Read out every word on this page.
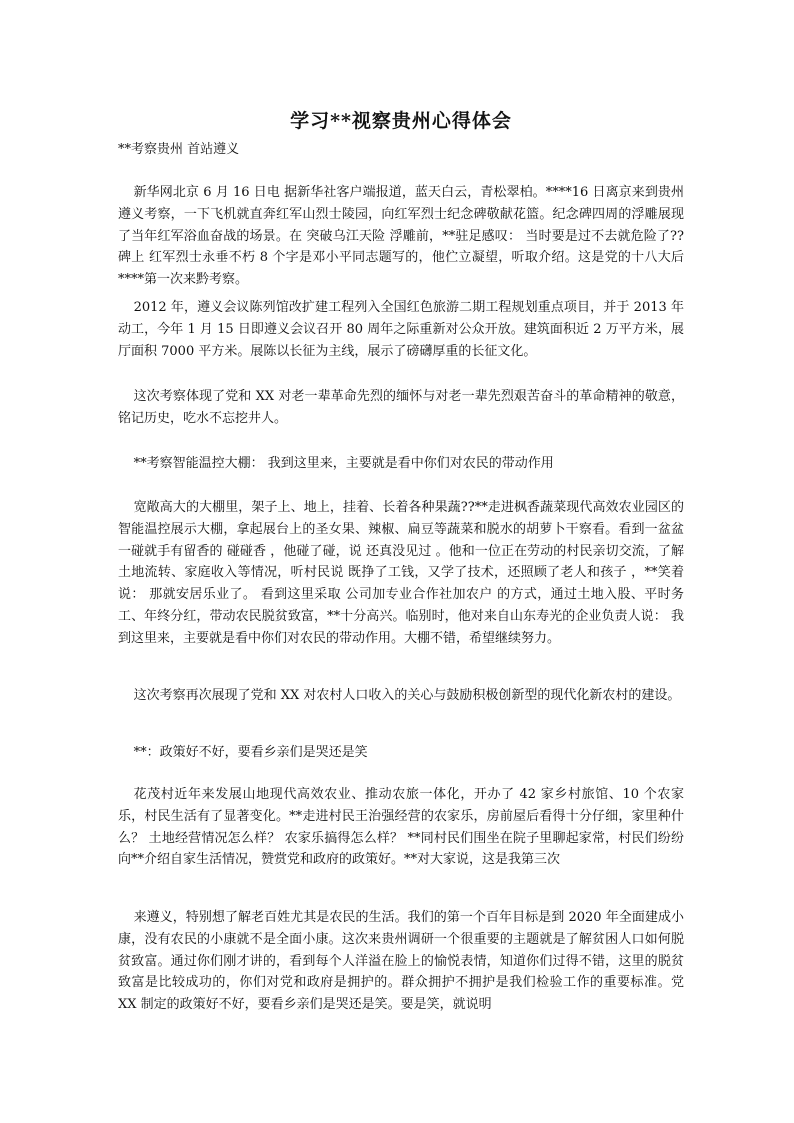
学习**视察贵州心得体会

**考察贵州 首站遵义

新华网北京 6 月 16 日电 据新华社客户端报道，蓝天白云，青松翠柏。****16 日离京来到贵州遵义考察，一下飞机就直奔红军山烈士陵园，向红军烈士纪念碑敬献花篮。纪念碑四周的浮雕展现了当年红军浴血奋战的场景。在 突破乌江天险 浮雕前，**驻足感叹： 当时要是过不去就危险了?? 碑上 红军烈士永垂不朽 8 个字是邓小平同志题写的，他伫立凝望，听取介绍。这是党的十八大后****第一次来黔考察。

2012 年，遵义会议陈列馆改扩建工程列入全国红色旅游二期工程规划重点项目，并于 2013 年动工，今年 1 月 15 日即遵义会议召开 80 周年之际重新对公众开放。建筑面积近 2 万平方米，展厅面积 7000 平方米。展陈以长征为主线，展示了磅礴厚重的长征文化。

这次考察体现了党和 XX 对老一辈革命先烈的缅怀与对老一辈先烈艰苦奋斗的革命精神的敬意，铭记历史，吃水不忘挖井人。

**考察智能温控大棚： 我到这里来，主要就是看中你们对农民的带动作用

宽敞高大的大棚里，架子上、地上，挂着、长着各种果蔬??**走进枫香蔬菜现代高效农业园区的智能温控展示大棚，拿起展台上的圣女果、辣椒、扁豆等蔬菜和脱水的胡萝卜干察看。看到一盆盆一碰就手有留香的 碰碰香 ，他碰了碰，说 还真没见过 。他和一位正在劳动的村民亲切交流，了解土地流转、家庭收入等情况，听村民说 既挣了工钱，又学了技术，还照顾了老人和孩子 ，**笑着说： 那就安居乐业了。 看到这里采取 公司加专业合作社加农户 的方式，通过土地入股、平时务工、年终分红，带动农民脱贫致富，**十分高兴。临别时，他对来自山东寿光的企业负责人说： 我到这里来，主要就是看中你们对农民的带动作用。大棚不错，希望继续努力。

这次考察再次展现了党和 XX 对农村人口收入的关心与鼓励积极创新型的现代化新农村的建设。

**：政策好不好，要看乡亲们是哭还是笑

花茂村近年来发展山地现代高效农业、推动农旅一体化，开办了 42 家乡村旅馆、10 个农家乐，村民生活有了显著变化。**走进村民王治强经营的农家乐，房前屋后看得十分仔细，家里种什么？ 土地经营情况怎么样？ 农家乐搞得怎么样？ **同村民们围坐在院子里聊起家常，村民们纷纷向**介绍自家生活情况，赞赏党和政府的政策好。**对大家说，这是我第三次

来遵义，特别想了解老百姓尤其是农民的生活。我们的第一个百年目标是到 2020 年全面建成小康，没有农民的小康就不是全面小康。这次来贵州调研一个很重要的主题就是了解贫困人口如何脱贫致富。通过你们刚才讲的，看到每个人洋溢在脸上的愉悦表情，知道你们过得不错，这里的脱贫致富是比较成功的，你们对党和政府是拥护的。群众拥护不拥护是我们检验工作的重要标准。党 XX 制定的政策好不好，要看乡亲们是哭还是笑。要是笑，就说明
